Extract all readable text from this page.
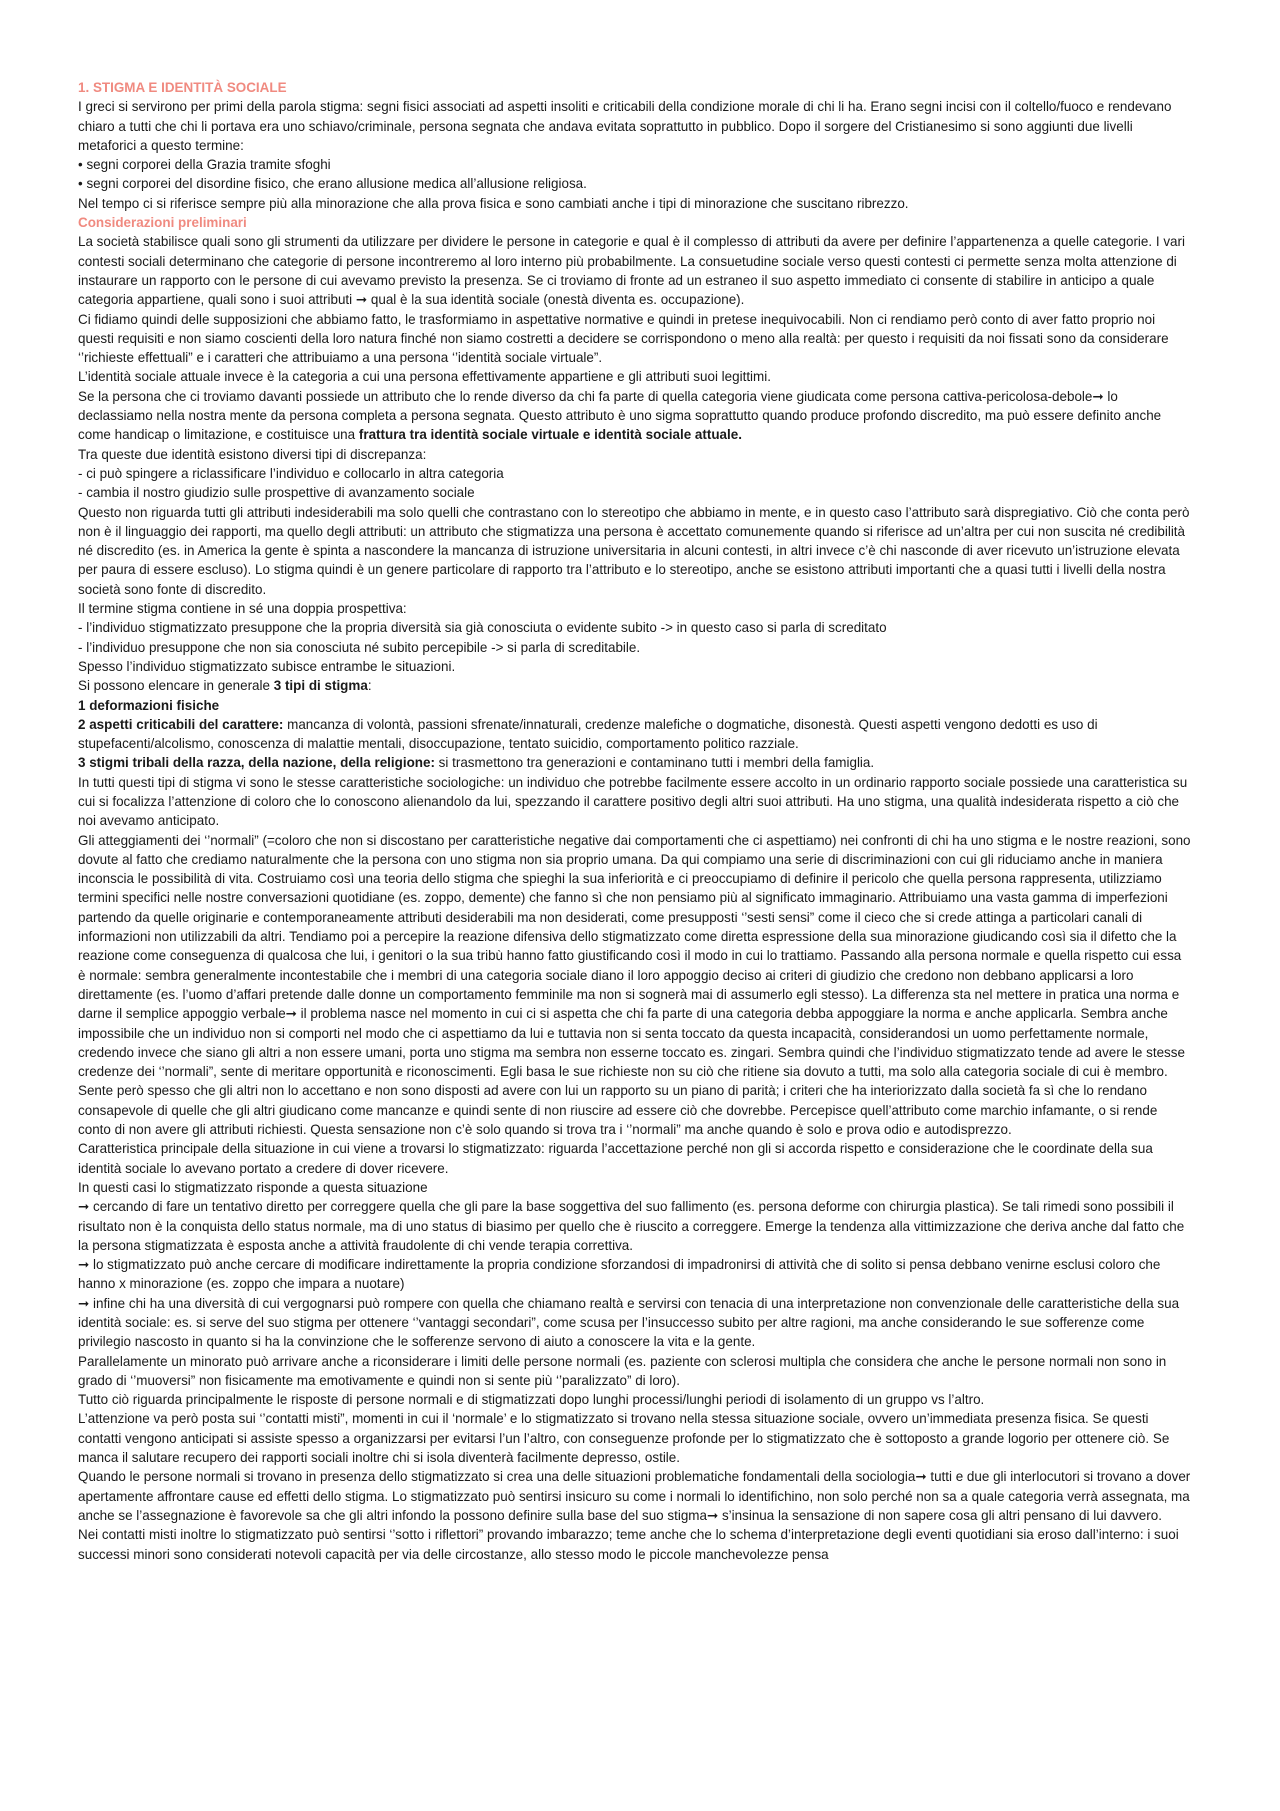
1. STIGMA E IDENTITÀ SOCIALE

I greci si servirono per primi della parola stigma: segni fisici associati ad aspetti insoliti e criticabili della condizione morale di chi li ha. Erano segni incisi con il coltello/fuoco e rendevano chiaro a tutti che chi li portava era uno schiavo/criminale, persona segnata che andava evitata soprattutto in pubblico. Dopo il sorgere del Cristianesimo si sono aggiunti due livelli metaforici a questo termine:

• segni corporei della Grazia tramite sfoghi

• segni corporei del disordine fisico, che erano allusione medica all’allusione religiosa.

Nel tempo ci si riferisce sempre più alla minorazione che alla prova fisica e sono cambiati anche i tipi di minorazione che suscitano ribrezzo.

Considerazioni preliminari

La società stabilisce quali sono gli strumenti da utilizzare per dividere le persone in categorie e qual è il complesso di attributi da avere per definire l’appartenenza a quelle categorie. I vari contesti sociali determinano che categorie di persone incontreremo al loro interno più probabilmente. La consuetudine sociale verso questi contesti ci permette senza molta attenzione di instaurare un rapporto con le persone di cui avevamo previsto la presenza. Se ci troviamo di fronte ad un estraneo il suo aspetto immediato ci consente di stabilire in anticipo a quale categoria appartiene, quali sono i suoi attributi ➞ qual è la sua identità sociale (onestà diventa es. occupazione).

Ci fidiamo quindi delle supposizioni che abbiamo fatto, le trasformiamo in aspettative normative e quindi in pretese inequivocabili. Non ci rendiamo però conto di aver fatto proprio noi questi requisiti e non siamo coscienti della loro natura finché non siamo costretti a decidere se corrispondono o meno alla realtà: per questo i requisiti da noi fissati sono da considerare ‘’richieste effettuali” e i caratteri che attribuiamo a una persona ‘’identità sociale virtuale”.

L’identità sociale attuale invece è la categoria a cui una persona effettivamente appartiene e gli attributi suoi legittimi.

Se la persona che ci troviamo davanti possiede un attributo che lo rende diverso da chi fa parte di quella categoria viene giudicata come persona cattiva-pericolosa-debole➞ lo declassiamo nella nostra mente da persona completa a persona segnata. Questo attributo è uno sigma soprattutto quando produce profondo discredito, ma può essere definito anche come handicap o limitazione, e costituisce una frattura tra identità sociale virtuale e identità sociale attuale.

Tra queste due identità esistono diversi tipi di discrepanza:

- ci può spingere a riclassificare l’individuo e collocarlo in altra categoria

- cambia il nostro giudizio sulle prospettive di avanzamento sociale

Questo non riguarda tutti gli attributi indesiderabili ma solo quelli che contrastano con lo stereotipo che abbiamo in mente, e in questo caso l’attributo sarà dispregiativo. Ciò che conta però non è il linguaggio dei rapporti, ma quello degli attributi: un attributo che stigmatizza una persona è accettato comunemente quando si riferisce ad un’altra per cui non suscita né credibilità né discredito (es. in America la gente è spinta a nascondere la mancanza di istruzione universitaria in alcuni contesti, in altri invece c’è chi nasconde di aver ricevuto un’istruzione elevata per paura di essere escluso). Lo stigma quindi è un genere particolare di rapporto tra l’attributo e lo stereotipo, anche se esistono attributi importanti che a quasi tutti i livelli della nostra società sono fonte di discredito.

Il termine stigma contiene in sé una doppia prospettiva:

- l’individuo stigmatizzato presuppone che la propria diversità sia già conosciuta o evidente subito -> in questo caso si parla di screditato

- l’individuo presuppone che non sia conosciuta né subito percepibile -> si parla di screditabile.

Spesso l’individuo stigmatizzato subisce entrambe le situazioni.

Si possono elencare in generale 3 tipi di stigma:

1 deformazioni fisiche

2 aspetti criticabili del carattere: mancanza di volontà, passioni sfrenate/innaturali, credenze malefiche o dogmatiche, disonestà. Questi aspetti vengono dedotti es uso di stupefacenti/alcolismo, conoscenza di malattie mentali, disoccupazione, tentato suicidio, comportamento politico razziale.

3 stigmi tribali della razza, della nazione, della religione: si trasmettono tra generazioni e contaminano tutti i membri della famiglia.

In tutti questi tipi di stigma vi sono le stesse caratteristiche sociologiche: un individuo che potrebbe facilmente essere accolto in un ordinario rapporto sociale possiede una caratteristica su cui si focalizza l’attenzione di coloro che lo conoscono alienandolo da lui, spezzando il carattere positivo degli altri suoi attributi. Ha uno stigma, una qualità indesiderata rispetto a ciò che noi avevamo anticipato.

Gli atteggiamenti dei ‘’normali” (=coloro che non si discostano per caratteristiche negative dai comportamenti che ci aspettiamo) nei confronti di chi ha uno stigma e le nostre reazioni, sono dovute al fatto che crediamo naturalmente che la persona con uno stigma non sia proprio umana. Da qui compiamo una serie di discriminazioni con cui gli riduciamo anche in maniera inconscia le possibilità di vita. Costruiamo così una teoria dello stigma che spieghi la sua inferiorità e ci preoccupiamo di definire il pericolo che quella persona rappresenta, utilizziamo termini specifici nelle nostre conversazioni quotidiane (es. zoppo, demente) che fanno sì che non pensiamo più al significato immaginario. Attribuiamo una vasta gamma di imperfezioni partendo da quelle originarie e contemporaneamente attributi desiderabili ma non desiderati, come presupposti ‘’sesti sensi” come il cieco che si crede attinga a particolari canali di informazioni non utilizzabili da altri. Tendiamo poi a percepire la reazione difensiva dello stigmatizzato come diretta espressione della sua minorazione giudicando così sia il difetto che la reazione come conseguenza di qualcosa che lui, i genitori o la sua tribù hanno fatto giustificando così il modo in cui lo trattiamo. Passando alla persona normale e quella rispetto cui essa è normale: sembra generalmente incontestabile che i membri di una categoria sociale diano il loro appoggio deciso ai criteri di giudizio che credono non debbano applicarsi a loro direttamente (es. l’uomo d’affari pretende dalle donne un comportamento femminile ma non si sognerà mai di assumerlo egli stesso). La differenza sta nel mettere in pratica una norma e darne il semplice appoggio verbale➞ il problema nasce nel momento in cui ci si aspetta che chi fa parte di una categoria debba appoggiare la norma e anche applicarla. Sembra anche impossibile che un individuo non si comporti nel modo che ci aspettiamo da lui e tuttavia non si senta toccato da questa incapacità, considerandosi un uomo perfettamente normale, credendo invece che siano gli altri a non essere umani, porta uno stigma ma sembra non esserne toccato es. zingari. Sembra quindi che l’individuo stigmatizzato tende ad avere le stesse credenze dei ‘’normali”, sente di meritare opportunità e riconoscimenti. Egli basa le sue richieste non su ciò che ritiene sia dovuto a tutti, ma solo alla categoria sociale di cui è membro. Sente però spesso che gli altri non lo accettano e non sono disposti ad avere con lui un rapporto su un piano di parità; i criteri che ha interiorizzato dalla società fa sì che lo rendano consapevole di quelle che gli altri giudicano come mancanze e quindi sente di non riuscire ad essere ciò che dovrebbe. Percepisce quell’attributo come marchio infamante, o si rende conto di non avere gli attributi richiesti. Questa sensazione non c’è solo quando si trova tra i ‘’normali” ma anche quando è solo e prova odio e autodisprezzo.

Caratteristica principale della situazione in cui viene a trovarsi lo stigmatizzato: riguarda l’accettazione perché non gli si accorda rispetto e considerazione che le coordinate della sua identità sociale lo avevano portato a credere di dover ricevere.

In questi casi lo stigmatizzato risponde a questa situazione

➞ cercando di fare un tentativo diretto per correggere quella che gli pare la base soggettiva del suo fallimento (es. persona deforme con chirurgia plastica). Se tali rimedi sono possibili il risultato non è la conquista dello status normale, ma di uno status di biasimo per quello che è riuscito a correggere. Emerge la tendenza alla vittimizzazione che deriva anche dal fatto che la persona stigmatizzata è esposta anche a attività fraudolente di chi vende terapia correttiva.

➞ lo stigmatizzato può anche cercare di modificare indirettamente la propria condizione sforzandosi di impadronirsi di attività che di solito si pensa debbano venirne esclusi coloro che hanno x minorazione (es. zoppo che impara a nuotare)

➞ infine chi ha una diversità di cui vergognarsi può rompere con quella che chiamano realtà e servirsi con tenacia di una interpretazione non convenzionale delle caratteristiche della sua identità sociale: es. si serve del suo stigma per ottenere ‘’vantaggi secondari”, come scusa per l’insuccesso subito per altre ragioni, ma anche considerando le sue sofferenze come privilegio nascosto in quanto si ha la convinzione che le sofferenze servono di aiuto a conoscere la vita e la gente.

Parallelamente un minorato può arrivare anche a riconsiderare i limiti delle persone normali (es. paziente con sclerosi multipla che considera che anche le persone normali non sono in grado di ‘’muoversi” non fisicamente ma emotivamente e quindi non si sente più ‘’paralizzato” di loro).

Tutto ciò riguarda principalmente le risposte di persone normali e di stigmatizzati dopo lunghi processi/lunghi periodi di isolamento di un gruppo vs l’altro.

L’attenzione va però posta sui ‘’contatti misti”, momenti in cui il ‘normale’ e lo stigmatizzato si trovano nella stessa situazione sociale, ovvero un’immediata presenza fisica. Se questi contatti vengono anticipati si assiste spesso a organizzarsi per evitarsi l’un l’altro, con conseguenze profonde per lo stigmatizzato che è sottoposto a grande logorio per ottenere ciò. Se manca il salutare recupero dei rapporti sociali inoltre chi si isola diventerà facilmente depresso, ostile.

Quando le persone normali si trovano in presenza dello stigmatizzato si crea una delle situazioni problematiche fondamentali della sociologia➞ tutti e due gli interlocutori si trovano a dover apertamente affrontare cause ed effetti dello stigma. Lo stigmatizzato può sentirsi insicuro su come i normali lo identifichino, non solo perché non sa a quale categoria verrà assegnata, ma anche se l’assegnazione è favorevole sa che gli altri infondo la possono definire sulla base del suo stigma➞ s’insinua la sensazione di non sapere cosa gli altri pensano di lui davvero.

Nei contatti misti inoltre lo stigmatizzato può sentirsi ‘’sotto i riflettori” provando imbarazzo; teme anche che lo schema d’interpretazione degli eventi quotidiani sia eroso dall’interno: i suoi successi minori sono considerati notevoli capacità per via delle circostanze, allo stesso modo le piccole manchevolezze pensa
